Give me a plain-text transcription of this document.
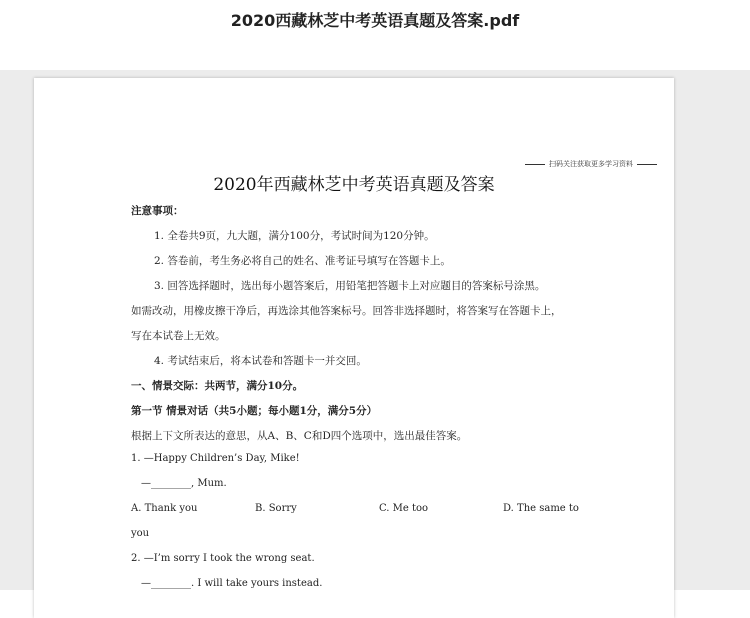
2020西藏林芝中考英语真题及答案.pdf
扫码关注获取更多学习资料
2020年西藏林芝中考英语真题及答案
注意事项：
1. 全卷共9页，九大题，满分100分，考试时间为120分钟。
2. 答卷前，考生务必将自己的姓名、准考证号填写在答题卡上。
3. 回答选择题时，选出每小题答案后，用铅笔把答题卡上对应题目的答案标号涂黑。
如需改动，用橡皮擦干净后，再选涂其他答案标号。回答非选择题时，将答案写在答题卡上，
写在本试卷上无效。
4. 考试结束后，将本试卷和答题卡一并交回。
一、情景交际：共两节，满分10分。
第一节 情景对话（共5小题；每小题1分，满分5分）
根据上下文所表达的意思，从A、B、C和D四个选项中，选出最佳答案。
1. —Happy Children’s Day, Mike!
—________, Mum.
A. Thank you	B. Sorry	C. Me too	D. The same to
you
2. —I’m sorry I took the wrong seat.
—________. I will take yours instead.
